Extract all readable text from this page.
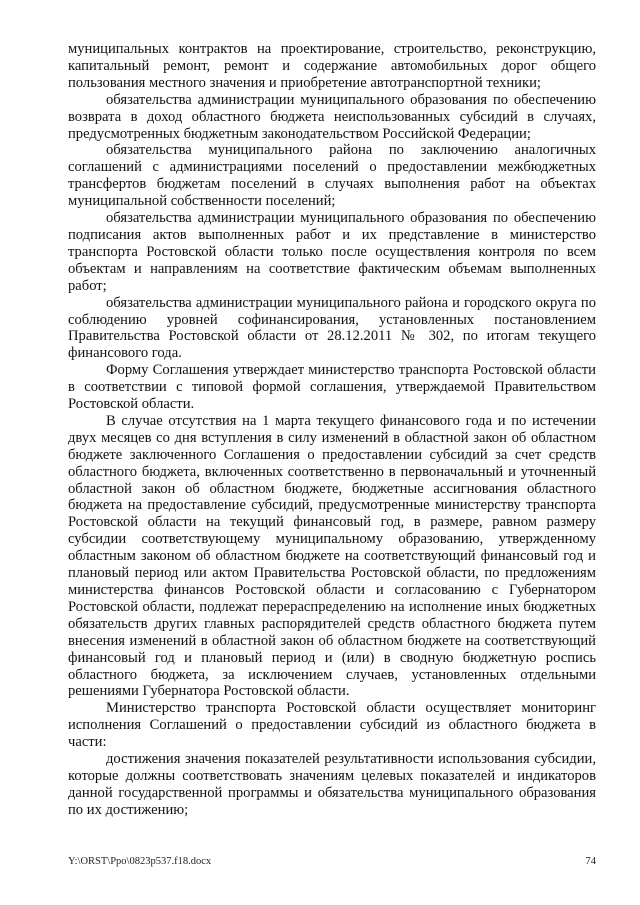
муниципальных контрактов на проектирование, строительство, реконструкцию, капитальный ремонт, ремонт и содержание автомобильных дорог общего пользования местного значения и приобретение автотранспортной техники;

обязательства администрации муниципального образования по обеспечению возврата в доход областного бюджета неиспользованных субсидий в случаях, предусмотренных бюджетным законодательством Российской Федерации;

обязательства муниципального района по заключению аналогичных соглашений с администрациями поселений о предоставлении межбюджетных трансфертов бюджетам поселений в случаях выполнения работ на объектах муниципальной собственности поселений;

обязательства администрации муниципального образования по обеспечению подписания актов выполненных работ и их представление в министерство транспорта Ростовской области только после осуществления контроля по всем объектам и направлениям на соответствие фактическим объемам выполненных работ;

обязательства администрации муниципального района и городского округа по соблюдению уровней софинансирования, установленных постановлением Правительства Ростовской области от 28.12.2011 № 302, по итогам текущего финансового года.

Форму Соглашения утверждает министерство транспорта Ростовской области в соответствии с типовой формой соглашения, утверждаемой Правительством Ростовской области.

В случае отсутствия на 1 марта текущего финансового года и по истечении двух месяцев со дня вступления в силу изменений в областной закон об областном бюджете заключенного Соглашения о предоставлении субсидий за счет средств областного бюджета, включенных соответственно в первоначальный и уточненный областной закон об областном бюджете, бюджетные ассигнования областного бюджета на предоставление субсидий, предусмотренные министерству транспорта Ростовской области на текущий финансовый год, в размере, равном размеру субсидии соответствующему муниципальному образованию, утвержденному областным законом об областном бюджете на соответствующий финансовый год и плановый период или актом Правительства Ростовской области, по предложениям министерства финансов Ростовской области и согласованию с Губернатором Ростовской области, подлежат перераспределению на исполнение иных бюджетных обязательств других главных распорядителей средств областного бюджета путем внесения изменений в областной закон об областном бюджете на соответствующий финансовый год и плановый период и (или) в сводную бюджетную роспись областного бюджета, за исключением случаев, установленных отдельными решениями Губернатора Ростовской области.

Министерство транспорта Ростовской области осуществляет мониторинг исполнения Соглашений о предоставлении субсидий из областного бюджета в части:

достижения значения показателей результативности использования субсидии, которые должны соответствовать значениям целевых показателей и индикаторов данной государственной программы и обязательства муниципального образования по их достижению;

Y:\ORST\Ppo\0823p537.f18.docx	74
